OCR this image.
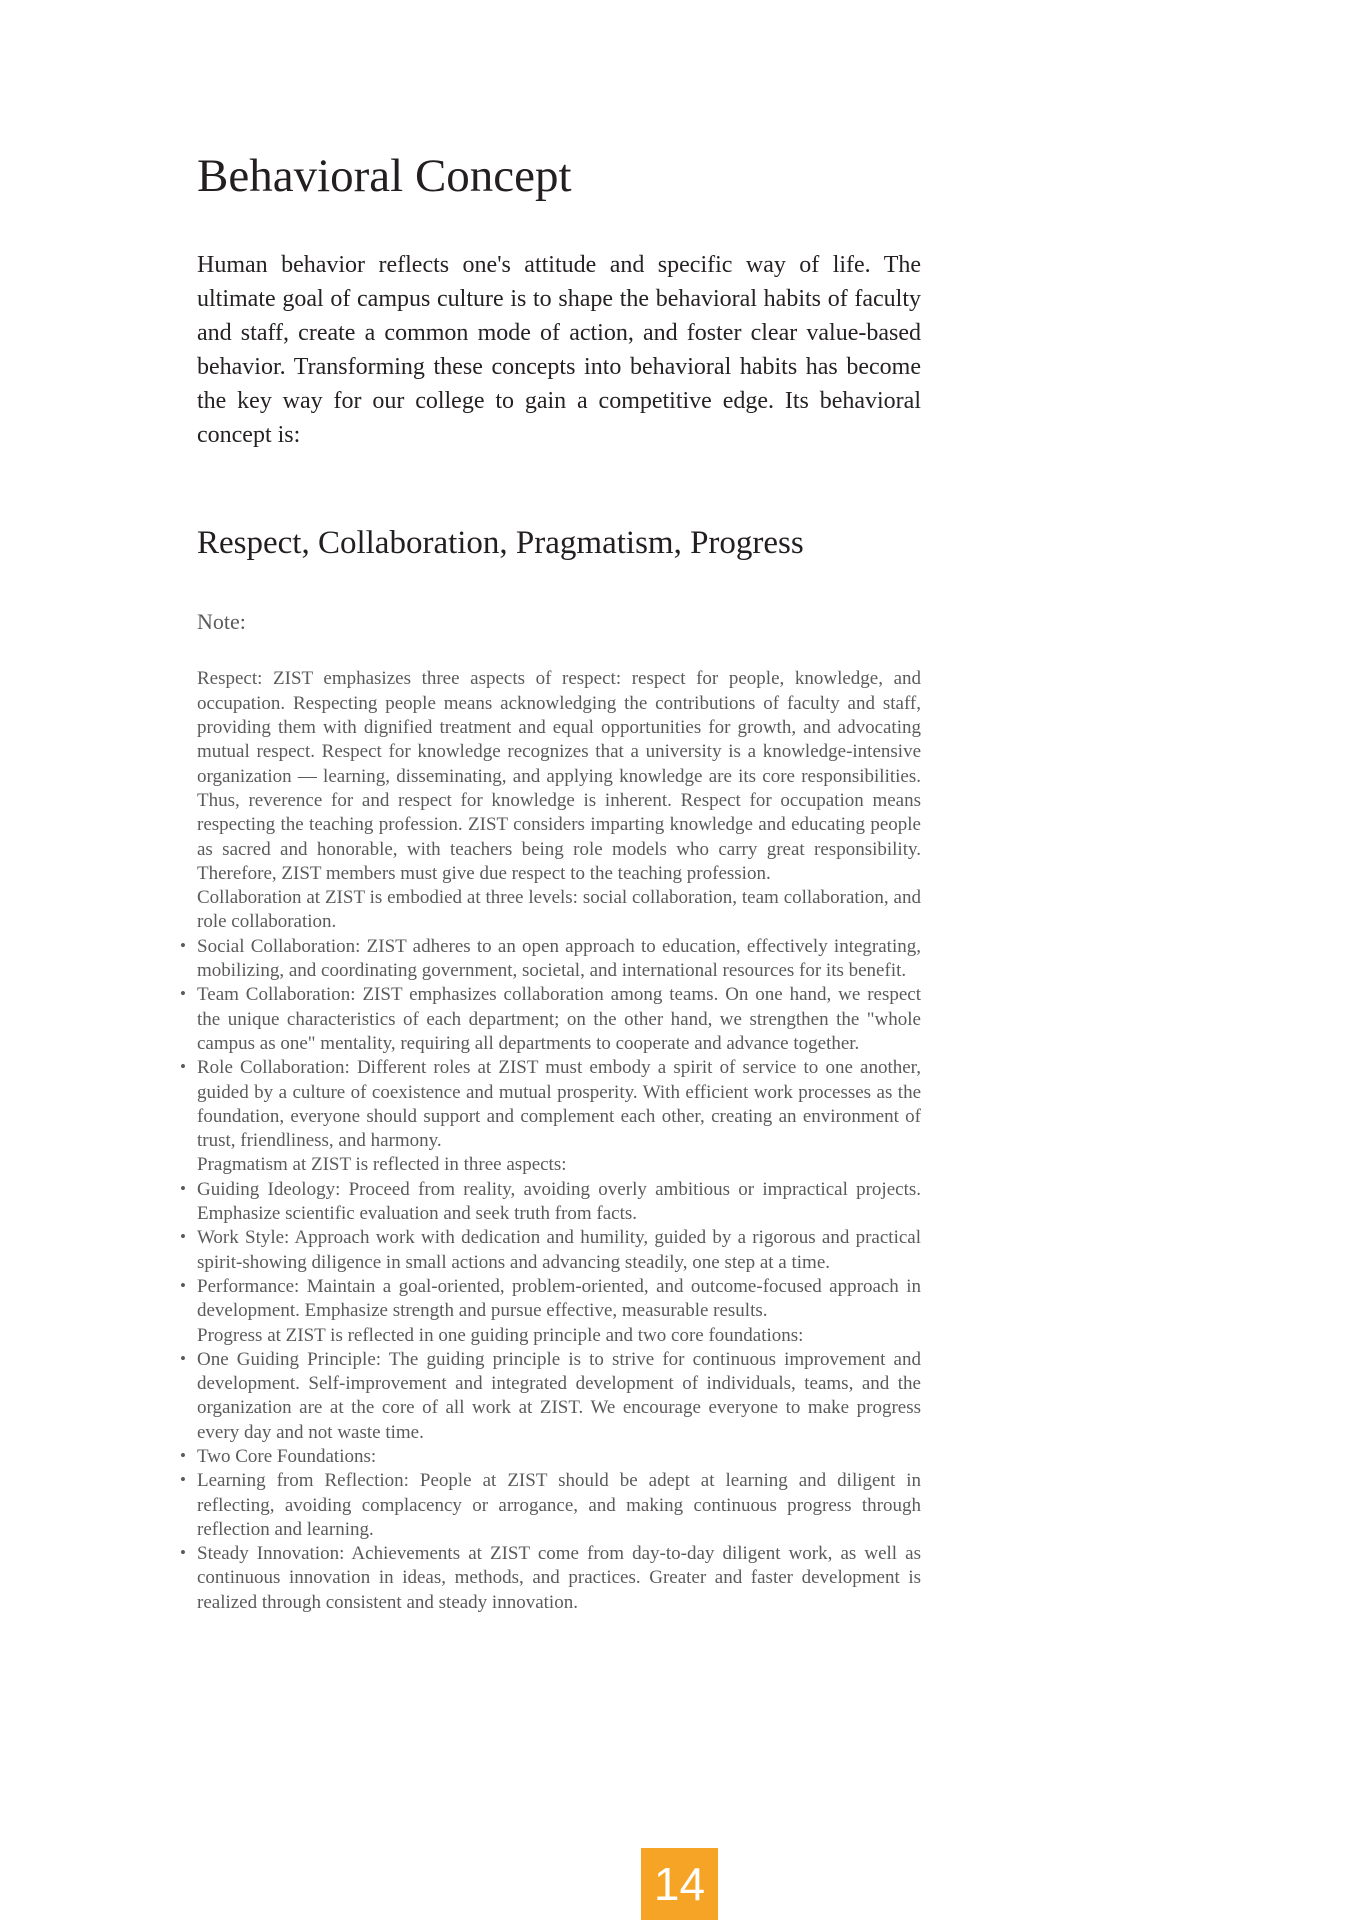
Behavioral Concept

Human behavior reflects one's attitude and specific way of life. The ultimate goal of campus culture is to shape the behavioral habits of faculty and staff, create a common mode of action, and foster clear value-based behavior. Transforming these concepts into behavioral habits has become the key way for our college to gain a competitive edge. Its behavioral concept is:

Respect, Collaboration, Pragmatism, Progress

Note:

Respect: ZIST emphasizes three aspects of respect: respect for people, knowledge, and occupation. Respecting people means acknowledging the contributions of faculty and staff, providing them with dignified treatment and equal opportunities for growth, and advocating mutual respect. Respect for knowledge recognizes that a university is a knowledge-intensive organization — learning, disseminating, and applying knowledge are its core responsibilities. Thus, reverence for and respect for knowledge is inherent. Respect for occupation means respecting the teaching profession. ZIST considers imparting knowledge and educating people as sacred and honorable, with teachers being role models who carry great responsibility. Therefore, ZIST members must give due respect to the teaching profession.
Collaboration at ZIST is embodied at three levels: social collaboration, team collaboration, and role collaboration.
• Social Collaboration: ZIST adheres to an open approach to education, effectively integrating, mobilizing, and coordinating government, societal, and international resources for its benefit.
• Team Collaboration: ZIST emphasizes collaboration among teams. On one hand, we respect the unique characteristics of each department; on the other hand, we strengthen the "whole campus as one" mentality, requiring all departments to cooperate and advance together.
• Role Collaboration: Different roles at ZIST must embody a spirit of service to one another, guided by a culture of coexistence and mutual prosperity. With efficient work processes as the foundation, everyone should support and complement each other, creating an environment of trust, friendliness, and harmony.
Pragmatism at ZIST is reflected in three aspects:
• Guiding Ideology: Proceed from reality, avoiding overly ambitious or impractical projects. Emphasize scientific evaluation and seek truth from facts.
• Work Style: Approach work with dedication and humility, guided by a rigorous and practical spirit-showing diligence in small actions and advancing steadily, one step at a time.
• Performance: Maintain a goal-oriented, problem-oriented, and outcome-focused approach in development. Emphasize strength and pursue effective, measurable results.
Progress at ZIST is reflected in one guiding principle and two core foundations:
• One Guiding Principle: The guiding principle is to strive for continuous improvement and development. Self-improvement and integrated development of individuals, teams, and the organization are at the core of all work at ZIST. We encourage everyone to make progress every day and not waste time.
• Two Core Foundations:
• Learning from Reflection: People at ZIST should be adept at learning and diligent in reflecting, avoiding complacency or arrogance, and making continuous progress through reflection and learning.
• Steady Innovation: Achievements at ZIST come from day-to-day diligent work, as well as continuous innovation in ideas, methods, and practices. Greater and faster development is realized through consistent and steady innovation.
14
